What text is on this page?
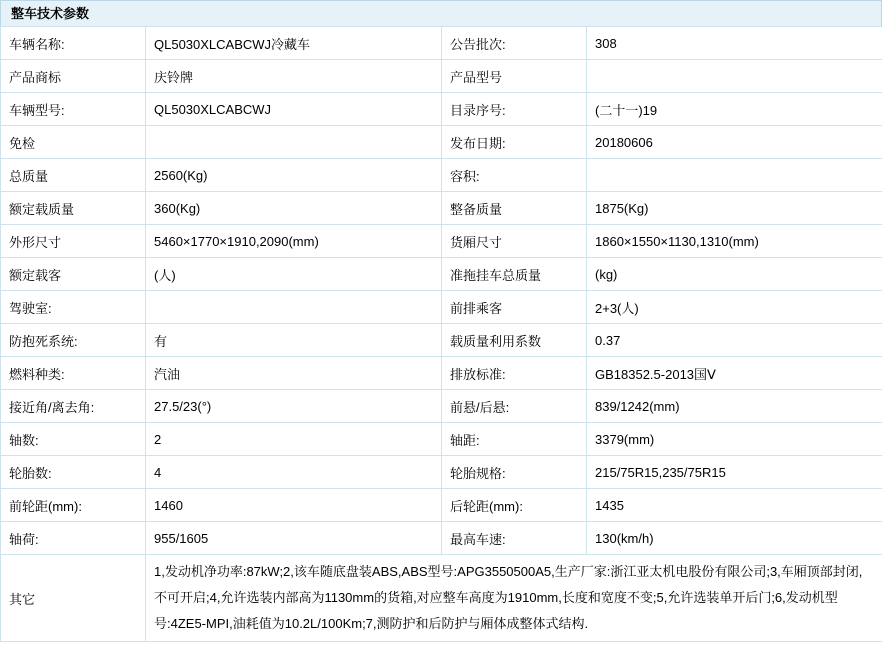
整车技术参数
车辆名称:	QL5030XLCABCWJ冷藏车	公告批次:	308
产品商标	庆铃牌	产品型号	
车辆型号:	QL5030XLCABCWJ	目录序号:	(二十一)19
免检		发布日期:	20180606
总质量	2560(Kg)	容积:	
额定载质量	360(Kg)	整备质量	1875(Kg)
外形尺寸	5460×1770×1910,2090(mm)	货厢尺寸	1860×1550×1130,1310(mm)
额定载客	(人)	准拖挂车总质量	(kg)
驾驶室:		前排乘客	2+3(人)
防抱死系统:	有	载质量利用系数	0.37
燃料种类:	汽油	排放标准:	GB18352.5-2013国Ⅴ
接近角/离去角:	27.5/23(°)	前悬/后悬:	839/1242(mm)
轴数:	2	轴距:	3379(mm)
轮胎数:	4	轮胎规格:	215/75R15,235/75R15
前轮距(mm):	1460	后轮距(mm):	1435
轴荷:	955/1605	最高车速:	130(km/h)
其它	1,发动机净功率:87kW;2,该车随底盘装ABS,ABS型号:APG3550500A5,生产厂家:浙江亚太机电股份有限公司;3,车厢顶部封闭,不可开启;4,允许选装内部高为1130mm的货箱,对应整车高度为1910mm,长度和宽度不变;5,允许选装单开后门;6,发动机型号:4ZE5-MPI,油耗值为10.2L/100Km;7,测防护和后防护与厢体成整体式结构.		
